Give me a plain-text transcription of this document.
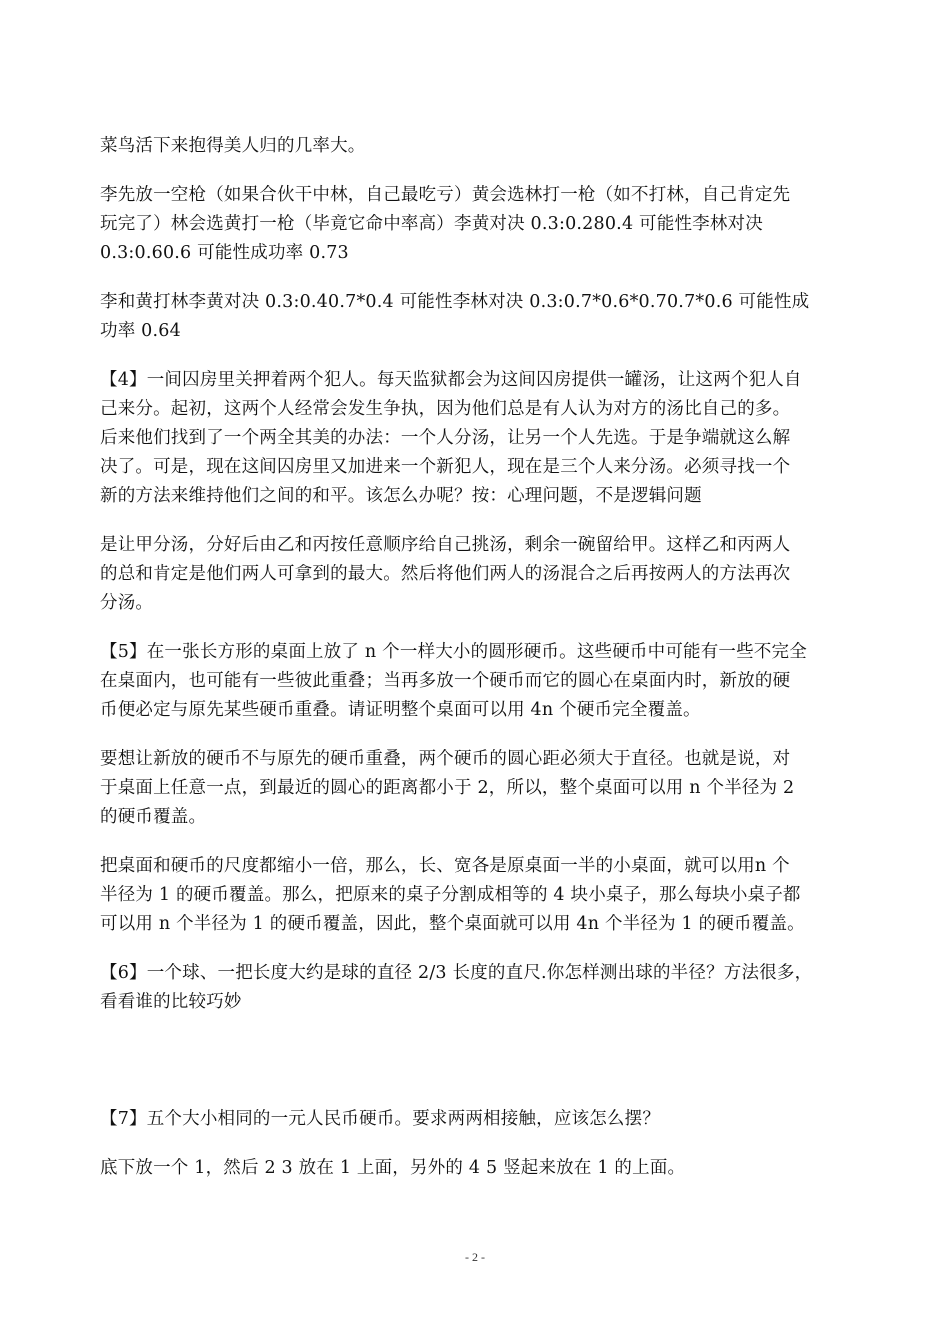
菜鸟活下来抱得美人归的几率大。

李先放一空枪（如果合伙干中林，自己最吃亏）黄会选林打一枪（如不打林，自己肯定先
玩完了）林会选黄打一枪（毕竟它命中率高）李黄对决 0.3:0.280.4 可能性李林对决
0.3:0.60.6 可能性成功率 0.73

李和黄打林李黄对决 0.3:0.40.7*0.4 可能性李林对决 0.3:0.7*0.6*0.70.7*0.6 可能性成
功率 0.64

【4】一间囚房里关押着两个犯人。每天监狱都会为这间囚房提供一罐汤，让这两个犯人自
己来分。起初，这两个人经常会发生争执，因为他们总是有人认为对方的汤比自己的多。
后来他们找到了一个两全其美的办法：一个人分汤，让另一个人先选。于是争端就这么解
决了。可是，现在这间囚房里又加进来一个新犯人，现在是三个人来分汤。必须寻找一个
新的方法来维持他们之间的和平。该怎么办呢？按：心理问题，不是逻辑问题

是让甲分汤，分好后由乙和丙按任意顺序给自己挑汤，剩余一碗留给甲。这样乙和丙两人
的总和肯定是他们两人可拿到的最大。然后将他们两人的汤混合之后再按两人的方法再次
分汤。

【5】在一张长方形的桌面上放了 n 个一样大小的圆形硬币。这些硬币中可能有一些不完全
在桌面内，也可能有一些彼此重叠；当再多放一个硬币而它的圆心在桌面内时，新放的硬
币便必定与原先某些硬币重叠。请证明整个桌面可以用 4n 个硬币完全覆盖。

要想让新放的硬币不与原先的硬币重叠，两个硬币的圆心距必须大于直径。也就是说，对
于桌面上任意一点，到最近的圆心的距离都小于 2，所以，整个桌面可以用 n 个半径为 2
的硬币覆盖。

把桌面和硬币的尺度都缩小一倍，那么，长、宽各是原桌面一半的小桌面，就可以用n 个
半径为 1 的硬币覆盖。那么，把原来的桌子分割成相等的 4 块小桌子，那么每块小桌子都
可以用 n 个半径为 1 的硬币覆盖，因此，整个桌面就可以用 4n 个半径为 1 的硬币覆盖。

【6】一个球、一把长度大约是球的直径 2/3 长度的直尺.你怎样测出球的半径？方法很多，
看看谁的比较巧妙

【7】五个大小相同的一元人民币硬币。要求两两相接触，应该怎么摆？

底下放一个 1，然后 2 3 放在 1 上面，另外的 4 5 竖起来放在 1 的上面。

- 2 -
